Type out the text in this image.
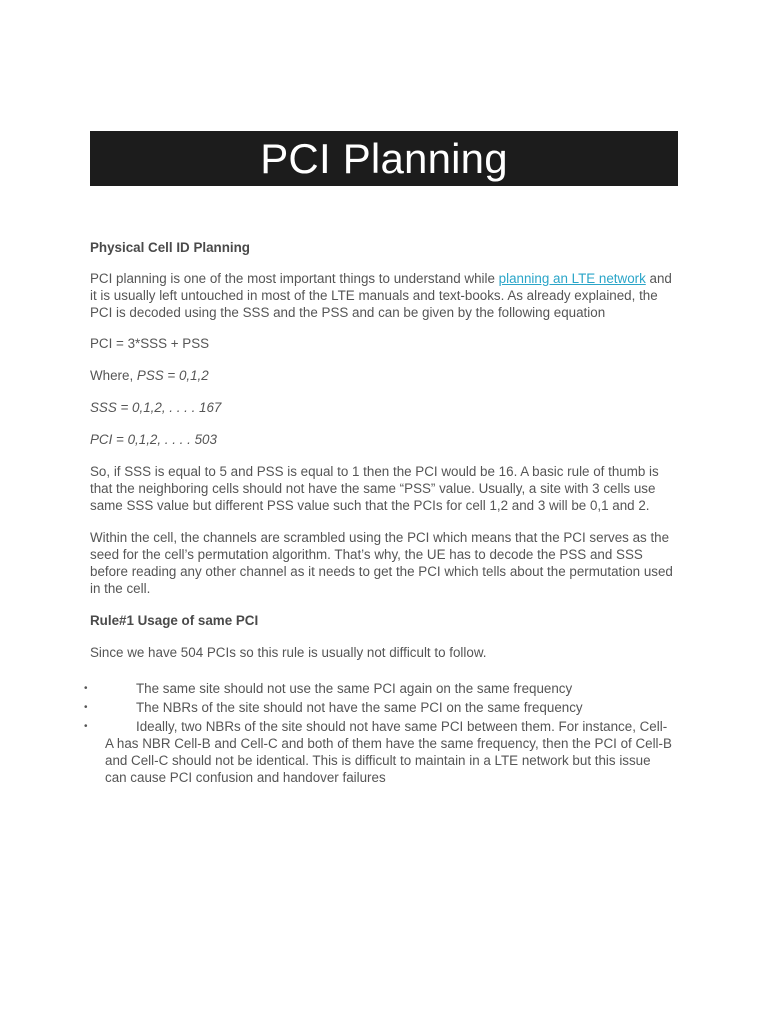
PCI Planning

Physical Cell ID Planning

PCI planning is one of the most important things to understand while planning an LTE network and it is usually left untouched in most of the LTE manuals and text-books. As already explained, the PCI is decoded using the SSS and the PSS and can be given by the following equation

PCI = 3*SSS + PSS

Where, PSS = 0,1,2

SSS = 0,1,2, . . . . 167

PCI = 0,1,2, . . . . 503

So, if SSS is equal to 5 and PSS is equal to 1 then the PCI would be 16. A basic rule of thumb is that the neighboring cells should not have the same “PSS” value. Usually, a site with 3 cells use same SSS value but different PSS value such that the PCIs for cell 1,2 and 3 will be 0,1 and 2.

Within the cell, the channels are scrambled using the PCI which means that the PCI serves as the seed for the cell’s permutation algorithm. That’s why, the UE has to decode the PSS and SSS before reading any other channel as it needs to get the PCI which tells about the permutation used in the cell.

Rule#1 Usage of same PCI

Since we have 504 PCIs so this rule is usually not difficult to follow.

•	The same site should not use the same PCI again on the same frequency
•	The NBRs of the site should not have the same PCI on the same frequency
•	Ideally, two NBRs of the site should not have same PCI between them. For instance, Cell-A has NBR Cell-B and Cell-C and both of them have the same frequency, then the PCI of Cell-B and Cell-C should not be identical. This is difficult to maintain in a LTE network but this issue can cause PCI confusion and handover failures
